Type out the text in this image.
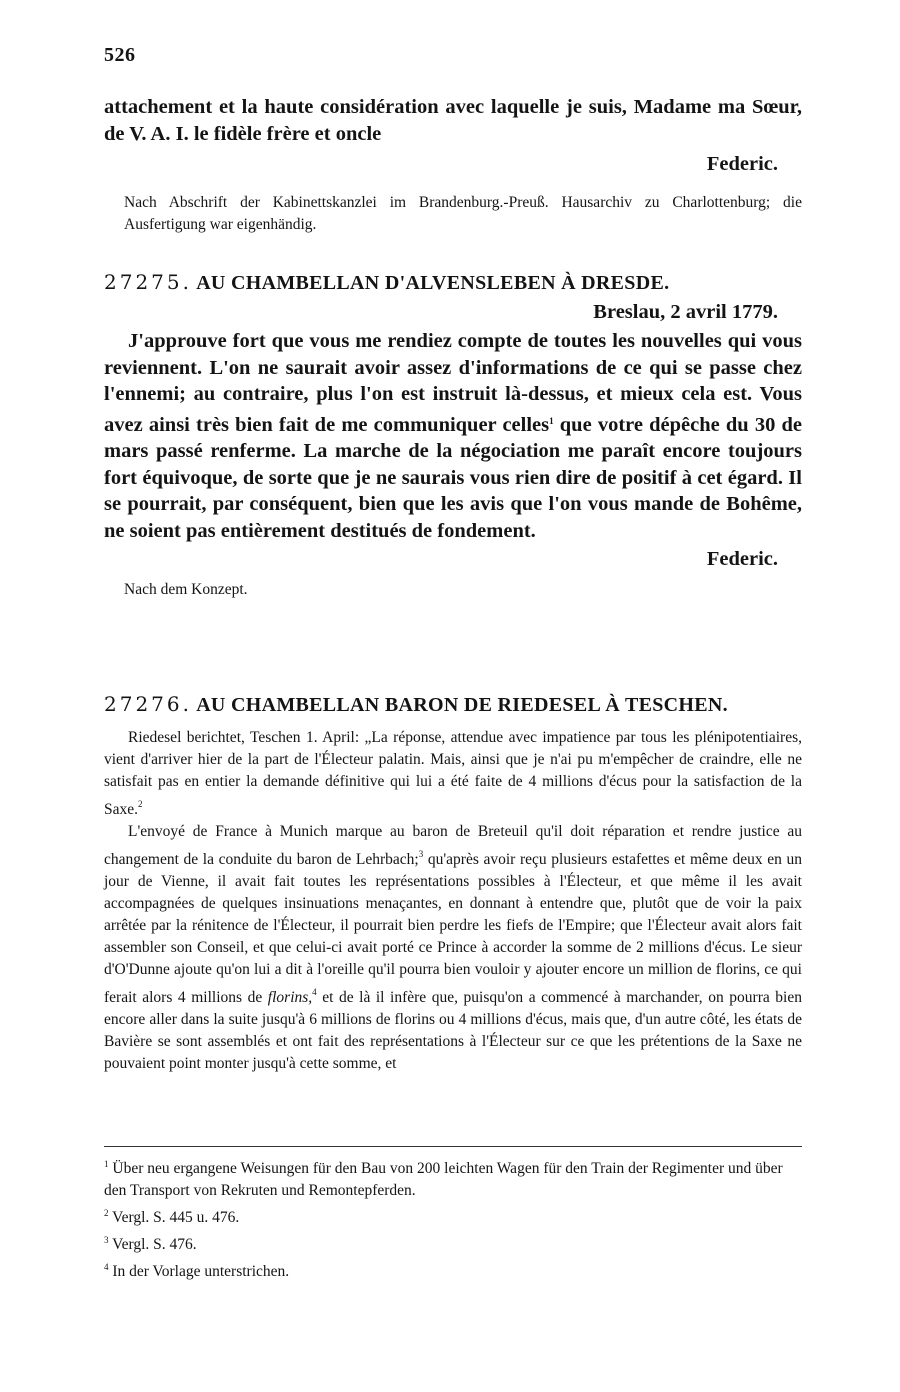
526

attachement et la haute considération avec laquelle je suis, Madame ma Sœur, de V. A. I. le fidèle frère et oncle

Federic.

Nach Abschrift der Kabinettskanzlei im Brandenburg.-Preuß. Hausarchiv zu Charlottenburg; die Ausfertigung war eigenhändig.

27275. AU CHAMBELLAN D'ALVENSLEBEN À DRESDE.

Breslau, 2 avril 1779.

J'approuve fort que vous me rendiez compte de toutes les nouvelles qui vous reviennent. L'on ne saurait avoir assez d'informations de ce qui se passe chez l'ennemi; au contraire, plus l'on est instruit là-dessus, et mieux cela est. Vous avez ainsi très bien fait de me communiquer celles$^1$ que votre dépêche du 30 de mars passé renferme. La marche de la négociation me paraît encore toujours fort équivoque, de sorte que je ne saurais vous rien dire de positif à cet égard. Il se pourrait, par conséquent, bien que les avis que l'on vous mande de Bohême, ne soient pas entièrement destitués de fondement.

Federic.

Nach dem Konzept.

27276. AU CHAMBELLAN BARON DE RIEDESEL À TESCHEN.

Riedesel berichtet, Teschen 1. April: „La réponse, attendue avec impatience par tous les plénipotentiaires, vient d'arriver hier de la part de l'Électeur palatin. Mais, ainsi que je n'ai pu m'empêcher de craindre, elle ne satisfait pas en entier la demande définitive qui lui a été faite de 4 millions d'écus pour la satisfaction de la Saxe.$^2$

L'envoyé de France à Munich marque au baron de Breteuil qu'il doit réparation et rendre justice au changement de la conduite du baron de Lehrbach;$^3$ qu'après avoir reçu plusieurs estafettes et même deux en un jour de Vienne, il avait fait toutes les représentations possibles à l'Électeur, et que même il les avait accompagnées de quelques insinuations menaçantes, en donnant à entendre que, plutôt que de voir la paix arrêtée par la rénitence de l'Électeur, il pourrait bien perdre les fiefs de l'Empire; que l'Électeur avait alors fait assembler son Conseil, et que celui-ci avait porté ce Prince à accorder la somme de 2 millions d'écus. Le sieur d'O'Dunne ajoute qu'on lui a dit à l'oreille qu'il pourra bien vouloir y ajouter encore un million de florins, ce qui ferait alors 4 millions de florins,$^4$ et de là il infère que, puisqu'on a commencé à marchander, on pourra bien encore aller dans la suite jusqu'à 6 millions de florins ou 4 millions d'écus, mais que, d'un autre côté, les états de Bavière se sont assemblés et ont fait des représentations à l'Électeur sur ce que les prétentions de la Saxe ne pouvaient point monter jusqu'à cette somme, et

$^1$ Über neu ergangene Weisungen für den Bau von 200 leichten Wagen für den Train der Regimenter und über den Transport von Rekruten und Remontepferden.

$^2$ Vergl. S. 445 u. 476.

$^3$ Vergl. S. 476.

$^4$ In der Vorlage unterstrichen.
